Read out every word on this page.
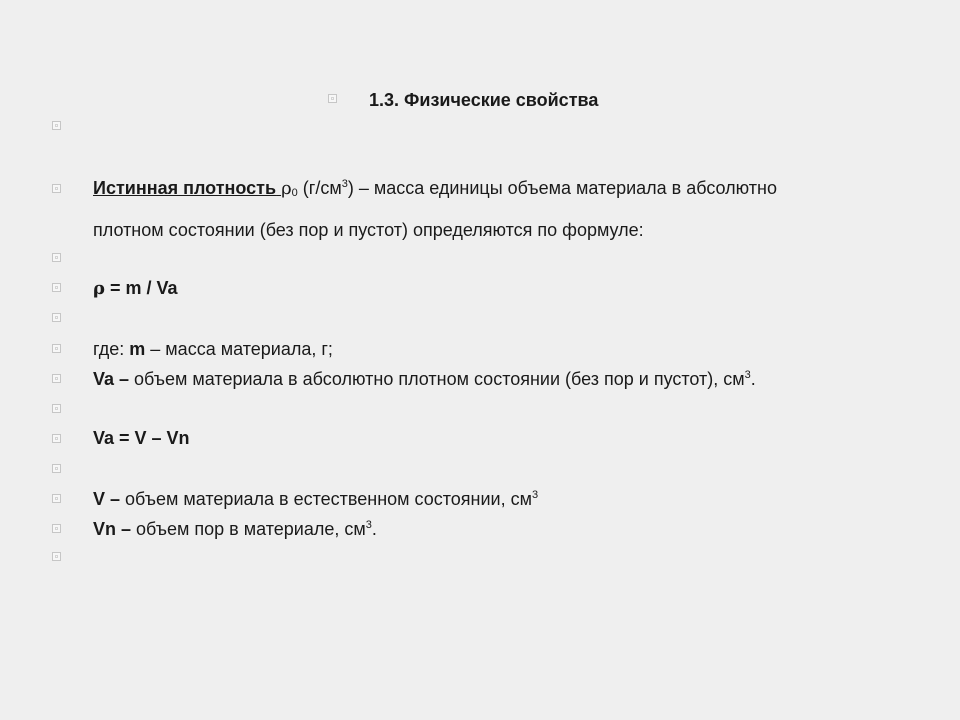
1.3. Физические свойства
Истинная плотность $\rho_0$ $(г/см^3)$ – масса единицы объема материала в абсолютно
плотном состоянии (без пор и пустот) определяются по формуле:
ρ = m / Va
где: m – масса материала, г;
Va – объем материала в абсолютно плотном состоянии (без пор и пустот), $см^3$.
Va = V – Vn
V – объем материала в естественном состоянии, $см^3$
Vn – объем пор в материале, $см^3$.
